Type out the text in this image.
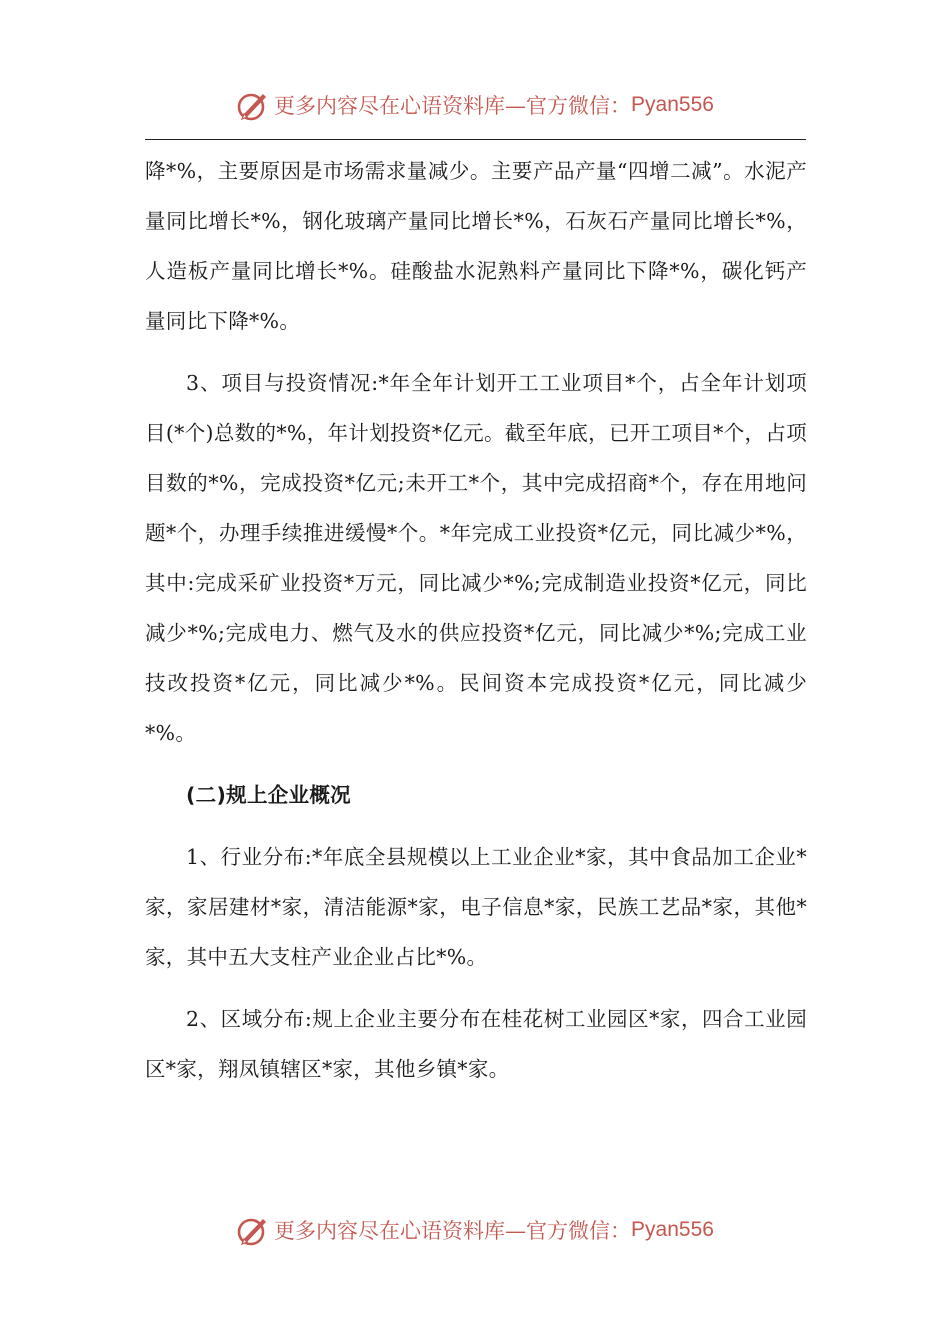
更多内容尽在心语资料库—官方微信： Pyan556

降*%，主要原因是市场需求量减少。主要产品产量“四增二减”。水泥产量同比增长*%，钢化玻璃产量同比增长*%，石灰石产量同比增长*%，人造板产量同比增长*%。硅酸盐水泥熟料产量同比下降*%，碳化钙产量同比下降*%。

3、项目与投资情况:*年全年计划开工工业项目*个，占全年计划项目(*个)总数的*%，年计划投资*亿元。截至年底，已开工项目*个，占项目数的*%，完成投资*亿元;未开工*个，其中完成招商*个，存在用地问题*个，办理手续推进缓慢*个。*年完成工业投资*亿元，同比减少*%，其中:完成采矿业投资*万元，同比减少*%;完成制造业投资*亿元，同比减少*%;完成电力、燃气及水的供应投资*亿元，同比减少*%;完成工业技改投资*亿元，同比减少*%。民间资本完成投资*亿元，同比减少*%。

(二)规上企业概况

1、行业分布:*年底全县规模以上工业企业*家，其中食品加工企业*家，家居建材*家，清洁能源*家，电子信息*家，民族工艺品*家，其他*家，其中五大支柱产业企业占比*%。

2、区域分布:规上企业主要分布在桂花树工业园区*家，四合工业园区*家，翔凤镇辖区*家，其他乡镇*家。

更多内容尽在心语资料库—官方微信： Pyan556
